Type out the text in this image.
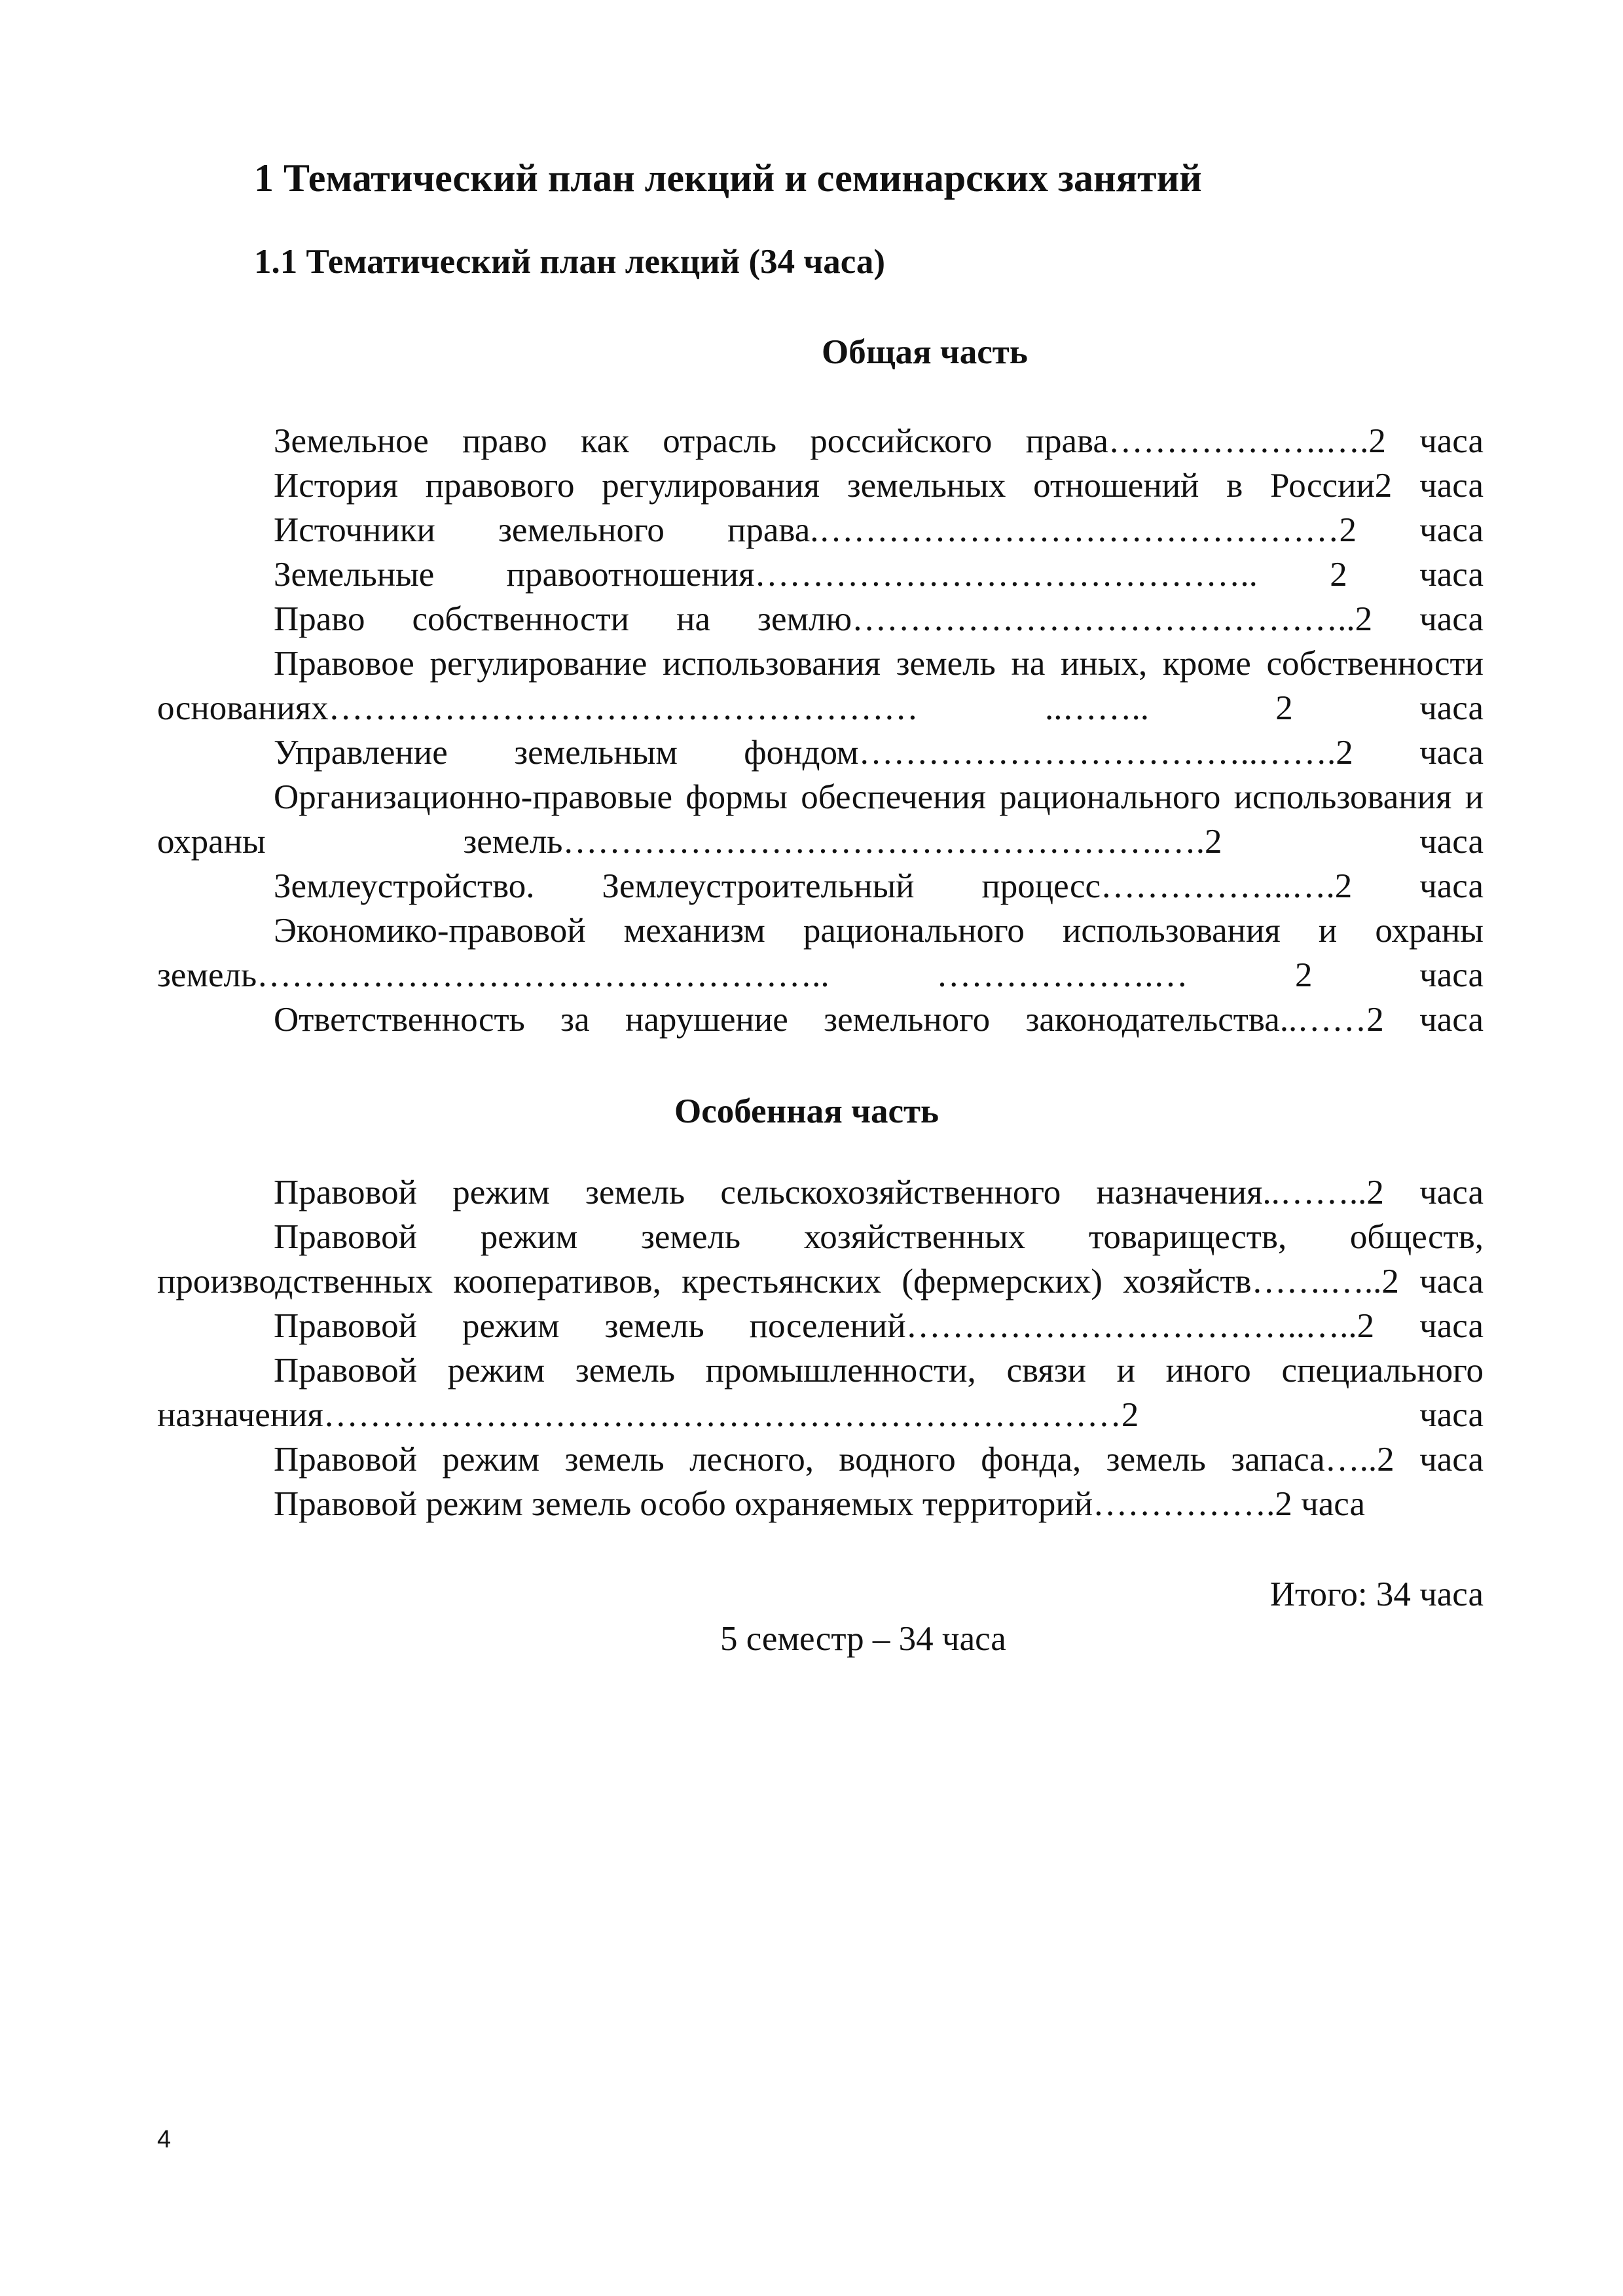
1 Тематический план лекций и семинарских занятий
1.1 Тематический план лекций (34 часа)
Общая часть

Земельное право как отрасль российского права……………….….2 часа

История правового регулирования земельных отношений в России2 часа

Источники земельного права.………………………………………2 часа

Земельные правоотношения…………………………………….. 2 часа

Право собственности на землю……………………………………..2 часа

Правовое регулирование использования земель на иных, кроме собственности основаниях…………………………………………… ..…….. 2 часа

Управление земельным фондом……………………………..…….2 часа

Организационно-правовые формы обеспечения рационального использования и охраны земель…………………………………………….….2 часа

Землеустройство. Землеустроительный процесс……………..….2 часа

Экономико-правовой механизм рационального использования и охраны земель………………………………………….. ……………….… 2 часа

Ответственность за нарушение земельного законодательства..……2 часа

Особенная часть

Правовой режим земель сельскохозяйственного назначения..……..2 часа

Правовой режим земель хозяйственных товариществ, обществ, производственных кооперативов, крестьянских (фермерских) хозяйств…….…..2 часа

Правовой режим земель поселений……………………………..…..2 часа

Правовой режим земель промышленности, связи и иного специального назначения……………………………………………………………2 часа

Правовой режим земель лесного, водного фонда, земель запаса…..2 часа

Правовой режим земель особо охраняемых территорий…………….2 часа

Итого: 34 часа
5 семестр – 34 часа
4
